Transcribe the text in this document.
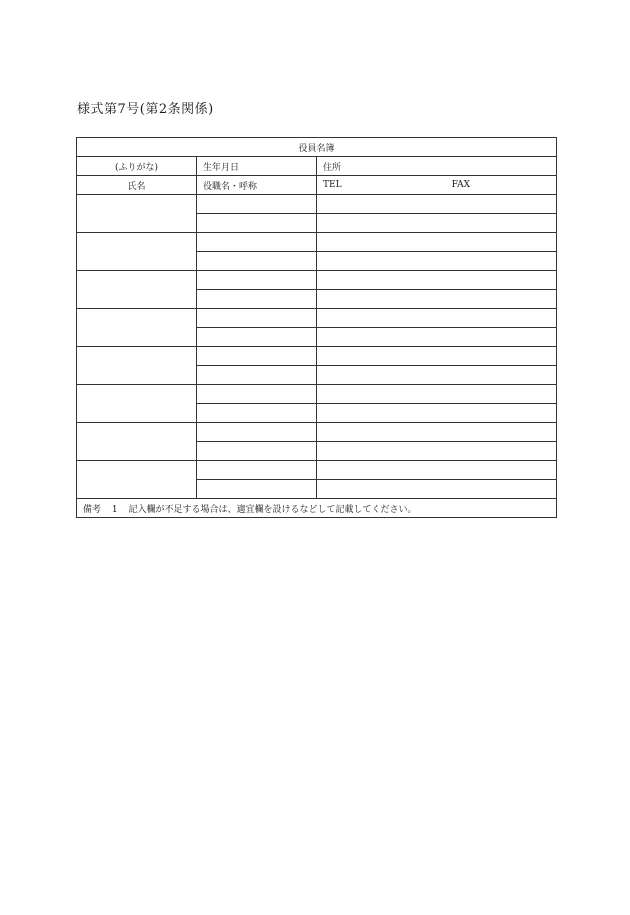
様式第7号(第2条関係)
役員名簿		
(ふりがな)	生年月日	住所
氏名	役職名・呼称	TEL FAX

備考 1 記入欄が不足する場合は、適宜欄を設けるなどして記載してください。		
